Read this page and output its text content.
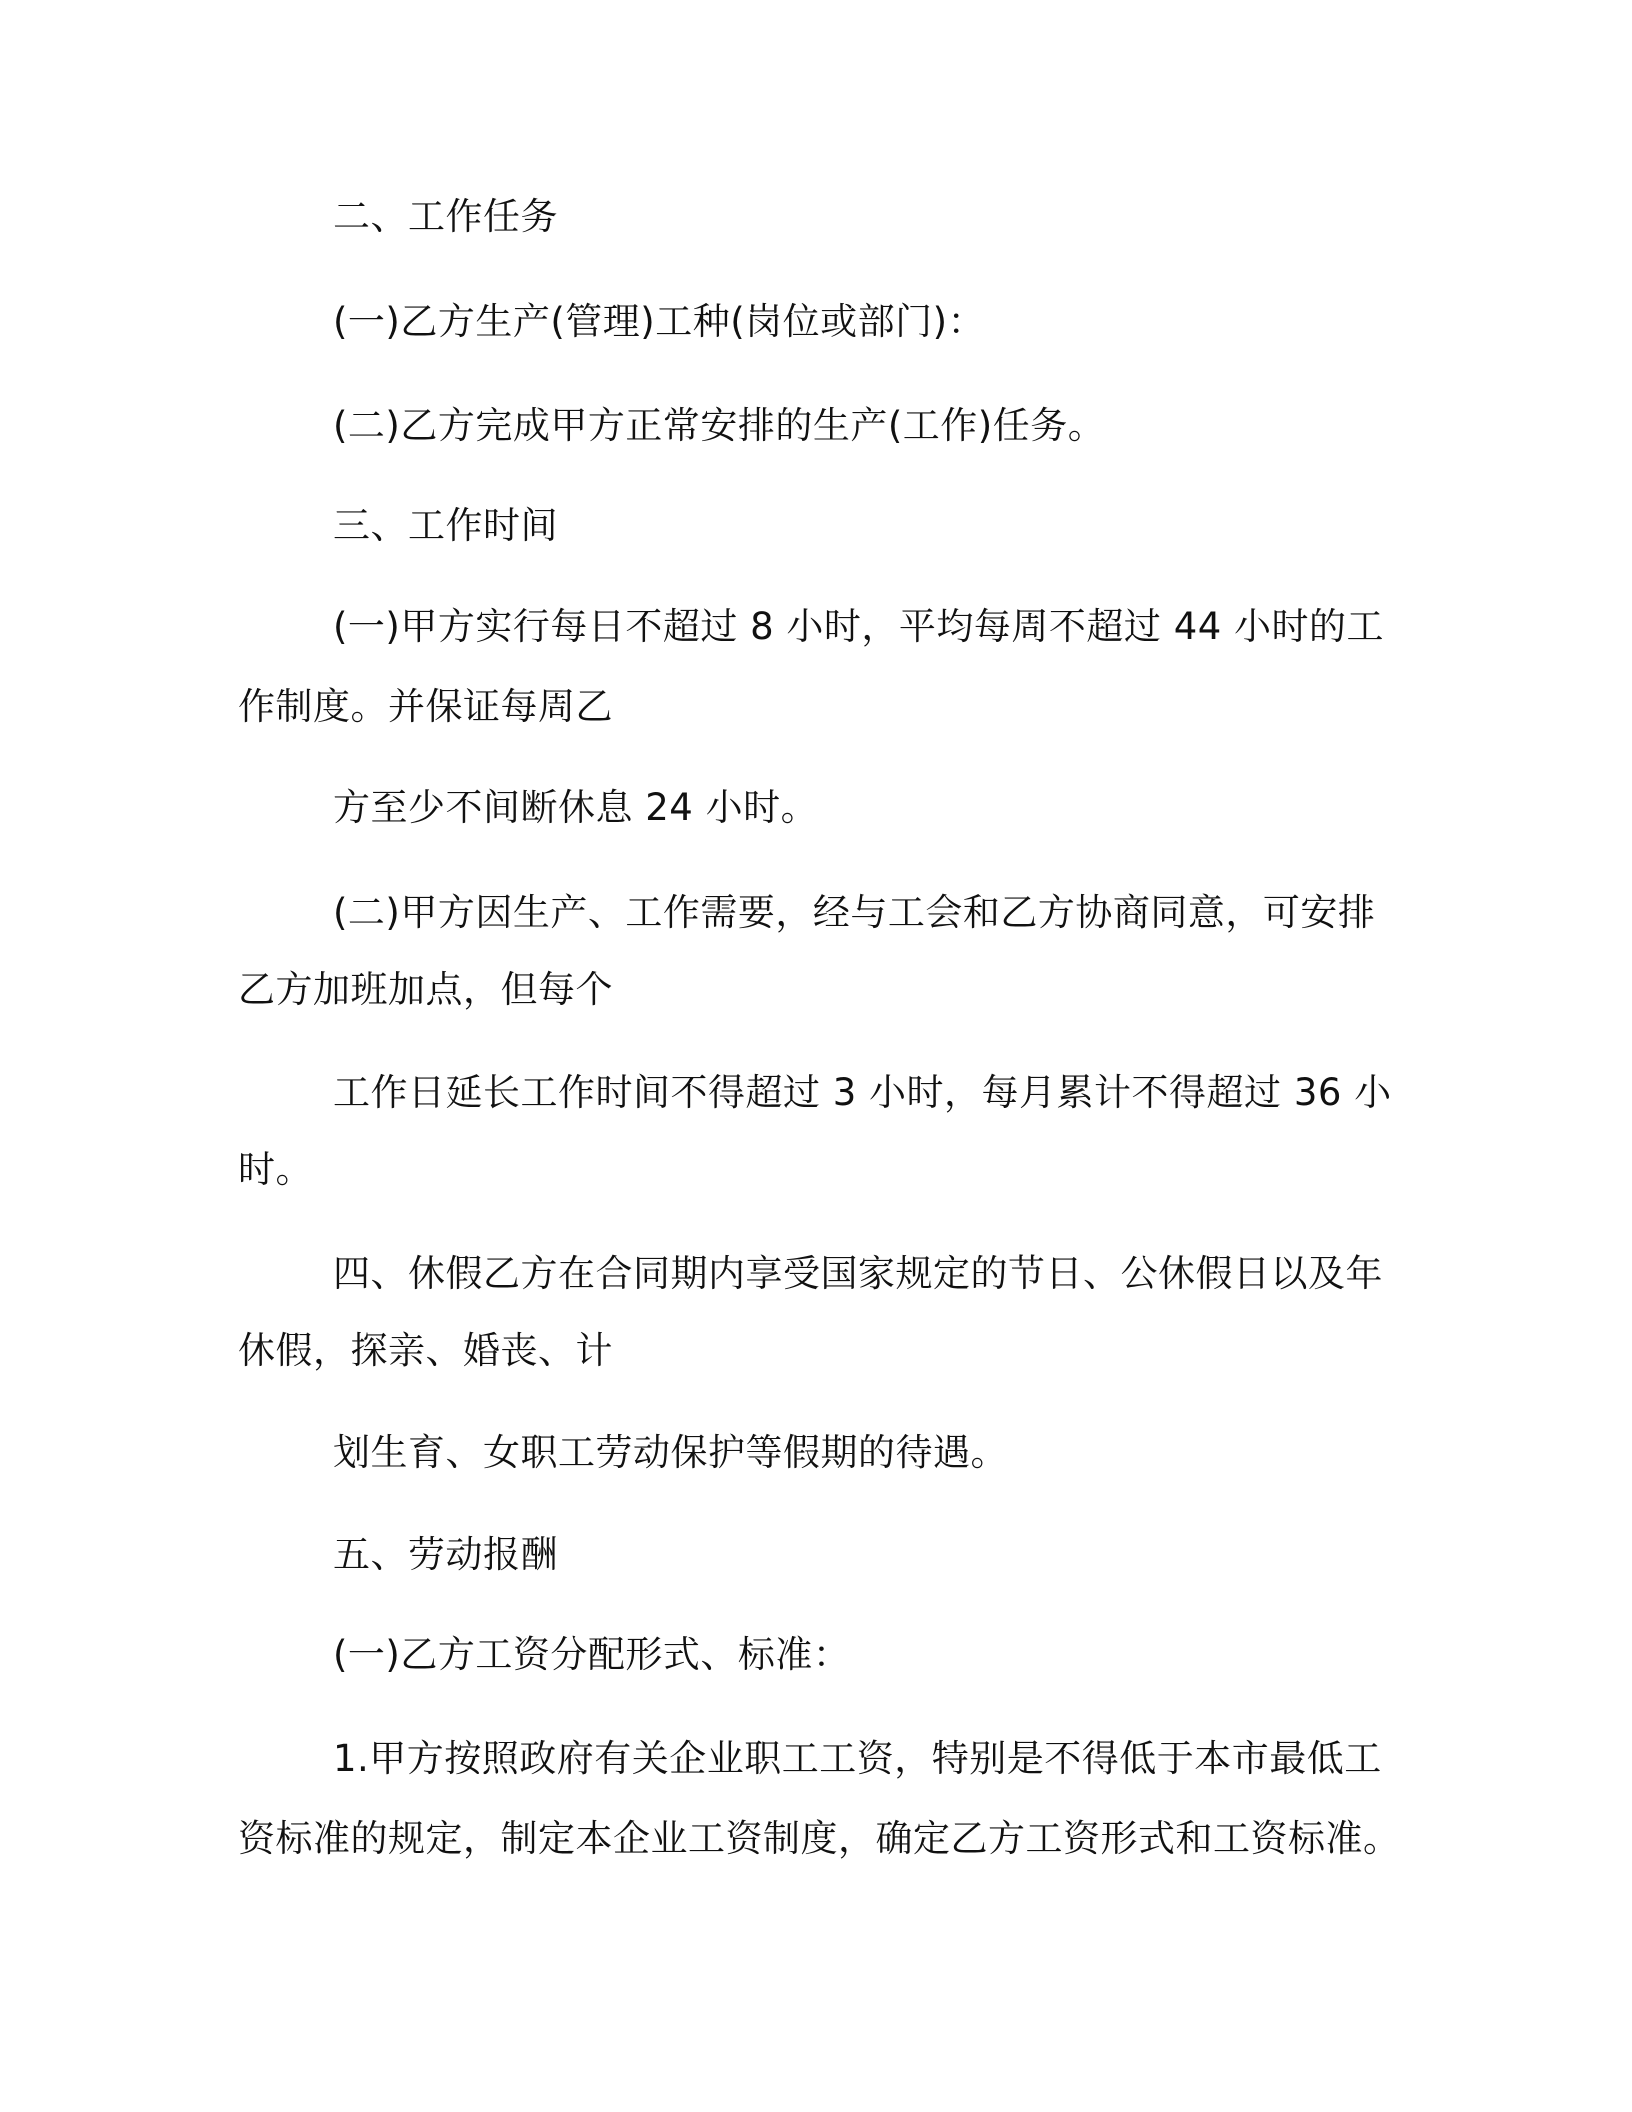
二、工作任务
(一)乙方生产(管理)工种(岗位或部门)：
(二)乙方完成甲方正常安排的生产(工作)任务。
三、工作时间
(一)甲方实行每日不超过 8 小时，平均每周不超过 44 小时的工
作制度。并保证每周乙
方至少不间断休息 24 小时。
(二)甲方因生产、工作需要，经与工会和乙方协商同意，可安排
乙方加班加点，但每个
工作日延长工作时间不得超过 3 小时，每月累计不得超过 36 小
时。
四、休假乙方在合同期内享受国家规定的节日、公休假日以及年
休假，探亲、婚丧、计
划生育、女职工劳动保护等假期的待遇。
五、劳动报酬
(一)乙方工资分配形式、标准：
1.甲方按照政府有关企业职工工资，特别是不得低于本市最低工
资标准的规定，制定本企业工资制度，确定乙方工资形式和工资标准。
